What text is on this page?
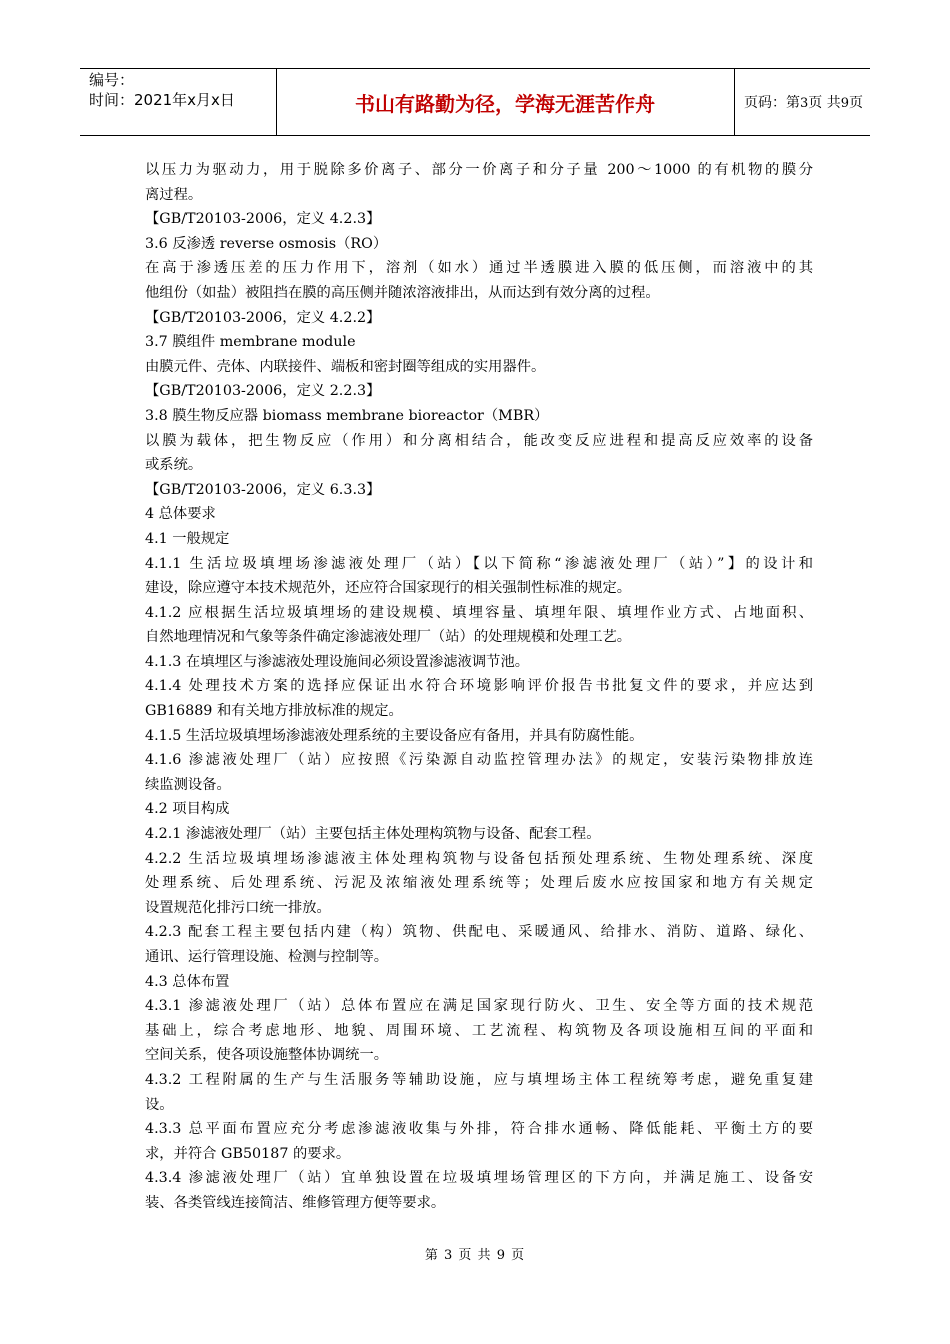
编号：
时间：2021年x月x日	书山有路勤为径，学海无涯苦作舟	页码：第3页 共9页
以压力为驱动力，用于脱除多价离子、部分一价离子和分子量 200～1000 的有机物的膜分
离过程。
【GB/T20103-2006，定义 4.2.3】
3.6 反渗透 reverse osmosis（RO）
在高于渗透压差的压力作用下，溶剂（如水）通过半透膜进入膜的低压侧，而溶液中的其
他组份（如盐）被阻挡在膜的高压侧并随浓溶液排出，从而达到有效分离的过程。
【GB/T20103-2006，定义 4.2.2】
3.7 膜组件 membrane module
由膜元件、壳体、内联接件、端板和密封圈等组成的实用器件。
【GB/T20103-2006，定义 2.2.3】
3.8 膜生物反应器 biomass membrane bioreactor（MBR）
以膜为载体，把生物反应（作用）和分离相结合，能改变反应进程和提高反应效率的设备
或系统。
【GB/T20103-2006，定义 6.3.3】
4 总体要求
4.1 一般规定
4.1.1 生活垃圾填埋场渗滤液处理厂（站）【以下简称“渗滤液处理厂（站）”】的设计和
建设，除应遵守本技术规范外，还应符合国家现行的相关强制性标准的规定。
4.1.2 应根据生活垃圾填埋场的建设规模、填埋容量、填埋年限、填埋作业方式、占地面积、
自然地理情况和气象等条件确定渗滤液处理厂（站）的处理规模和处理工艺。
4.1.3 在填埋区与渗滤液处理设施间必须设置渗滤液调节池。
4.1.4 处理技术方案的选择应保证出水符合环境影响评价报告书批复文件的要求，并应达到
GB16889 和有关地方排放标准的规定。
4.1.5 生活垃圾填埋场渗滤液处理系统的主要设备应有备用，并具有防腐性能。
4.1.6 渗滤液处理厂（站）应按照《污染源自动监控管理办法》的规定，安装污染物排放连
续监测设备。
4.2 项目构成
4.2.1 渗滤液处理厂（站）主要包括主体处理构筑物与设备、配套工程。
4.2.2 生活垃圾填埋场渗滤液主体处理构筑物与设备包括预处理系统、生物处理系统、深度
处理系统、后处理系统、污泥及浓缩液处理系统等；处理后废水应按国家和地方有关规定
设置规范化排污口统一排放。
4.2.3 配套工程主要包括内建（构）筑物、供配电、采暖通风、给排水、消防、道路、绿化、
通讯、运行管理设施、检测与控制等。
4.3 总体布置
4.3.1 渗滤液处理厂（站）总体布置应在满足国家现行防火、卫生、安全等方面的技术规范
基础上，综合考虑地形、地貌、周围环境、工艺流程、构筑物及各项设施相互间的平面和
空间关系，使各项设施整体协调统一。
4.3.2 工程附属的生产与生活服务等辅助设施，应与填埋场主体工程统筹考虑，避免重复建
设。
4.3.3 总平面布置应充分考虑渗滤液收集与外排，符合排水通畅、降低能耗、平衡土方的要
求，并符合 GB50187 的要求。
4.3.4 渗滤液处理厂（站）宜单独设置在垃圾填埋场管理区的下方向，并满足施工、设备安
装、各类管线连接简洁、维修管理方便等要求。
第 3 页 共 9 页
